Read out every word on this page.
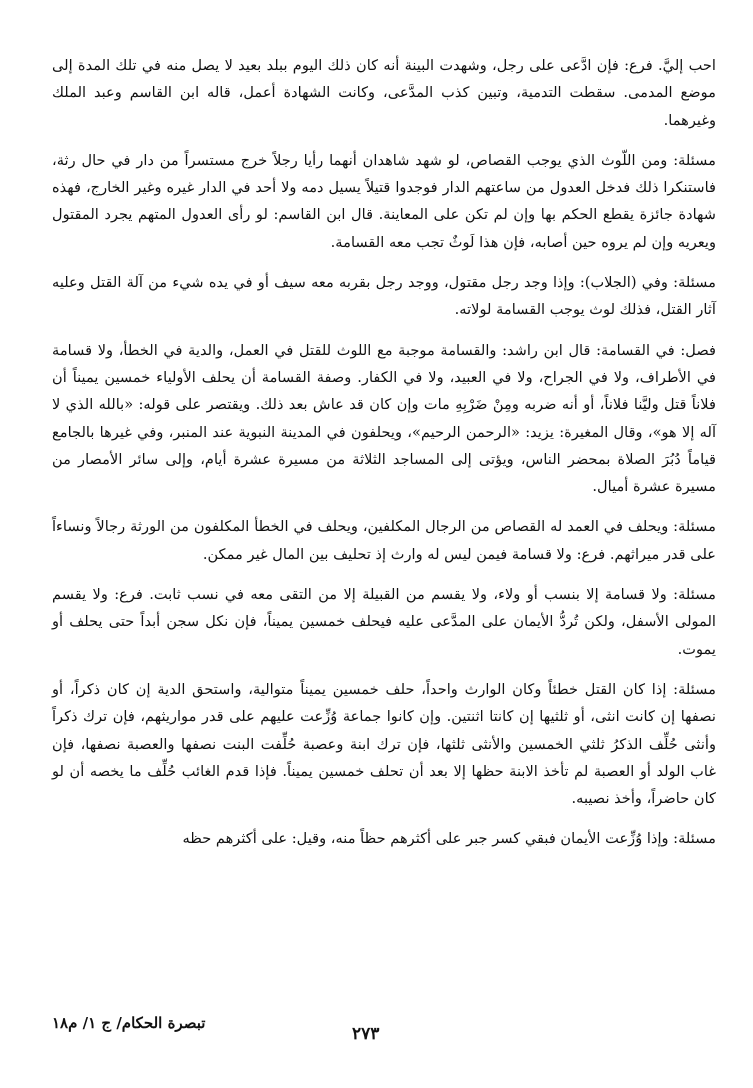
احب إليَّ. فرع: فإن ادَّعى على رجل، وشهدت البينة أنه كان ذلك اليوم ببلد بعيد لا يصل منه في تلك المدة إلى موضع المدمى. سقطت التدمية، وتبين كذب المدَّعى، وكانت الشهادة أعمل، قاله ابن القاسم وعبد الملك وغيرهما.

مسئلة: ومن اللّوث الذي يوجب القصاص، لو شهد شاهدان أنهما رأيا رجلاً خرج مستسراً من دار في حال رثة، فاستنكرا ذلك فدخل العدول من ساعتهم الدار فوجدوا قتيلاً يسيل دمه ولا أحد في الدار غيره وغير الخارج، فهذه شهادة جائزة يقطع الحكم بها وإن لم تكن على المعاينة. قال ابن القاسم: لو رأى العدول المتهم يجرد المقتول ويعريه وإن لم يروه حين أصابه، فإن هذا لَوثٌ تجب معه القسامة.

مسئلة: وفي (الجلاب): وإذا وجد رجل مقتول، ووجد رجل بقربه معه سيف أو في يده شيء من آلة القتل وعليه آثار القتل، فذلك لوث يوجب القسامة لولاته.

فصل: في القسامة: قال ابن راشد: والقسامة موجبة مع اللوث للقتل في العمل، والدية في الخطأ، ولا قسامة في الأطراف، ولا في الجراح، ولا في العبيد، ولا في الكفار. وصفة القسامة أن يحلف الأولياء خمسين يميناً أن فلاناً قتل وليَّنا فلاناً، أو أنه ضربه ومِنْ ضَرْبِهِ مات وإن كان قد عاش بعد ذلك. ويقتصر على قوله: «بالله الذي لا آله إلا هو»، وقال المغيرة: يزيد: «الرحمن الرحيم»، ويحلفون في المدينة النبوية عند المنبر، وفي غيرها بالجامع قياماً دُبُرَ الصلاة بمحضر الناس، ويؤتى إلى المساجد الثلاثة من مسيرة عشرة أيام، وإلى سائر الأمصار من مسيرة عشرة أميال.

مسئلة: ويحلف في العمد له القصاص من الرجال المكلفين، ويحلف في الخطأ المكلفون من الورثة رجالاً ونساءاً على قدر ميراثهم. فرع: ولا قسامة فيمن ليس له وارث إذ تحليف بين المال غير ممكن.

مسئلة: ولا قسامة إلا بنسب أو ولاء، ولا يقسم من القبيلة إلا من التقى معه في نسب ثابت. فرع: ولا يقسم المولى الأسفل، ولكن تُردُّ الأيمان على المدَّعى عليه فيحلف خمسين يميناً، فإن نكل سجن أبداً حتى يحلف أو يموت.

مسئلة: إذا كان القتل خطئاً وكان الوارث واحداً، حلف خمسين يميناً متوالية، واستحق الدية إن كان ذكراً، أو نصفها إن كانت انثى، أو ثلثيها إن كانتا اثنتين. وإن كانوا جماعة وُزِّعت عليهم على قدر مواريثهم، فإن ترك ذكراً وأنثى حُلِّف الذكرُ ثلثي الخمسين والأنثى ثلثها، فإن ترك ابنة وعصبة حُلِّفت البنت نصفها والعصبة نصفها، فإن غاب الولد أو العصبة لم تأخذ الابنة حظها إلا بعد أن تحلف خمسين يميناً. فإذا قدم الغائب حُلِّف ما يخصه أن لو كان حاضراً، وأخذ نصيبه.

مسئلة: وإذا وُزِّعت الأيمان فبقي كسر جبر على أكثرهم حظاً منه، وقيل: على أكثرهم حظه

تبصرة الحكام/ ج ١/ م١٨
٢٧٣
